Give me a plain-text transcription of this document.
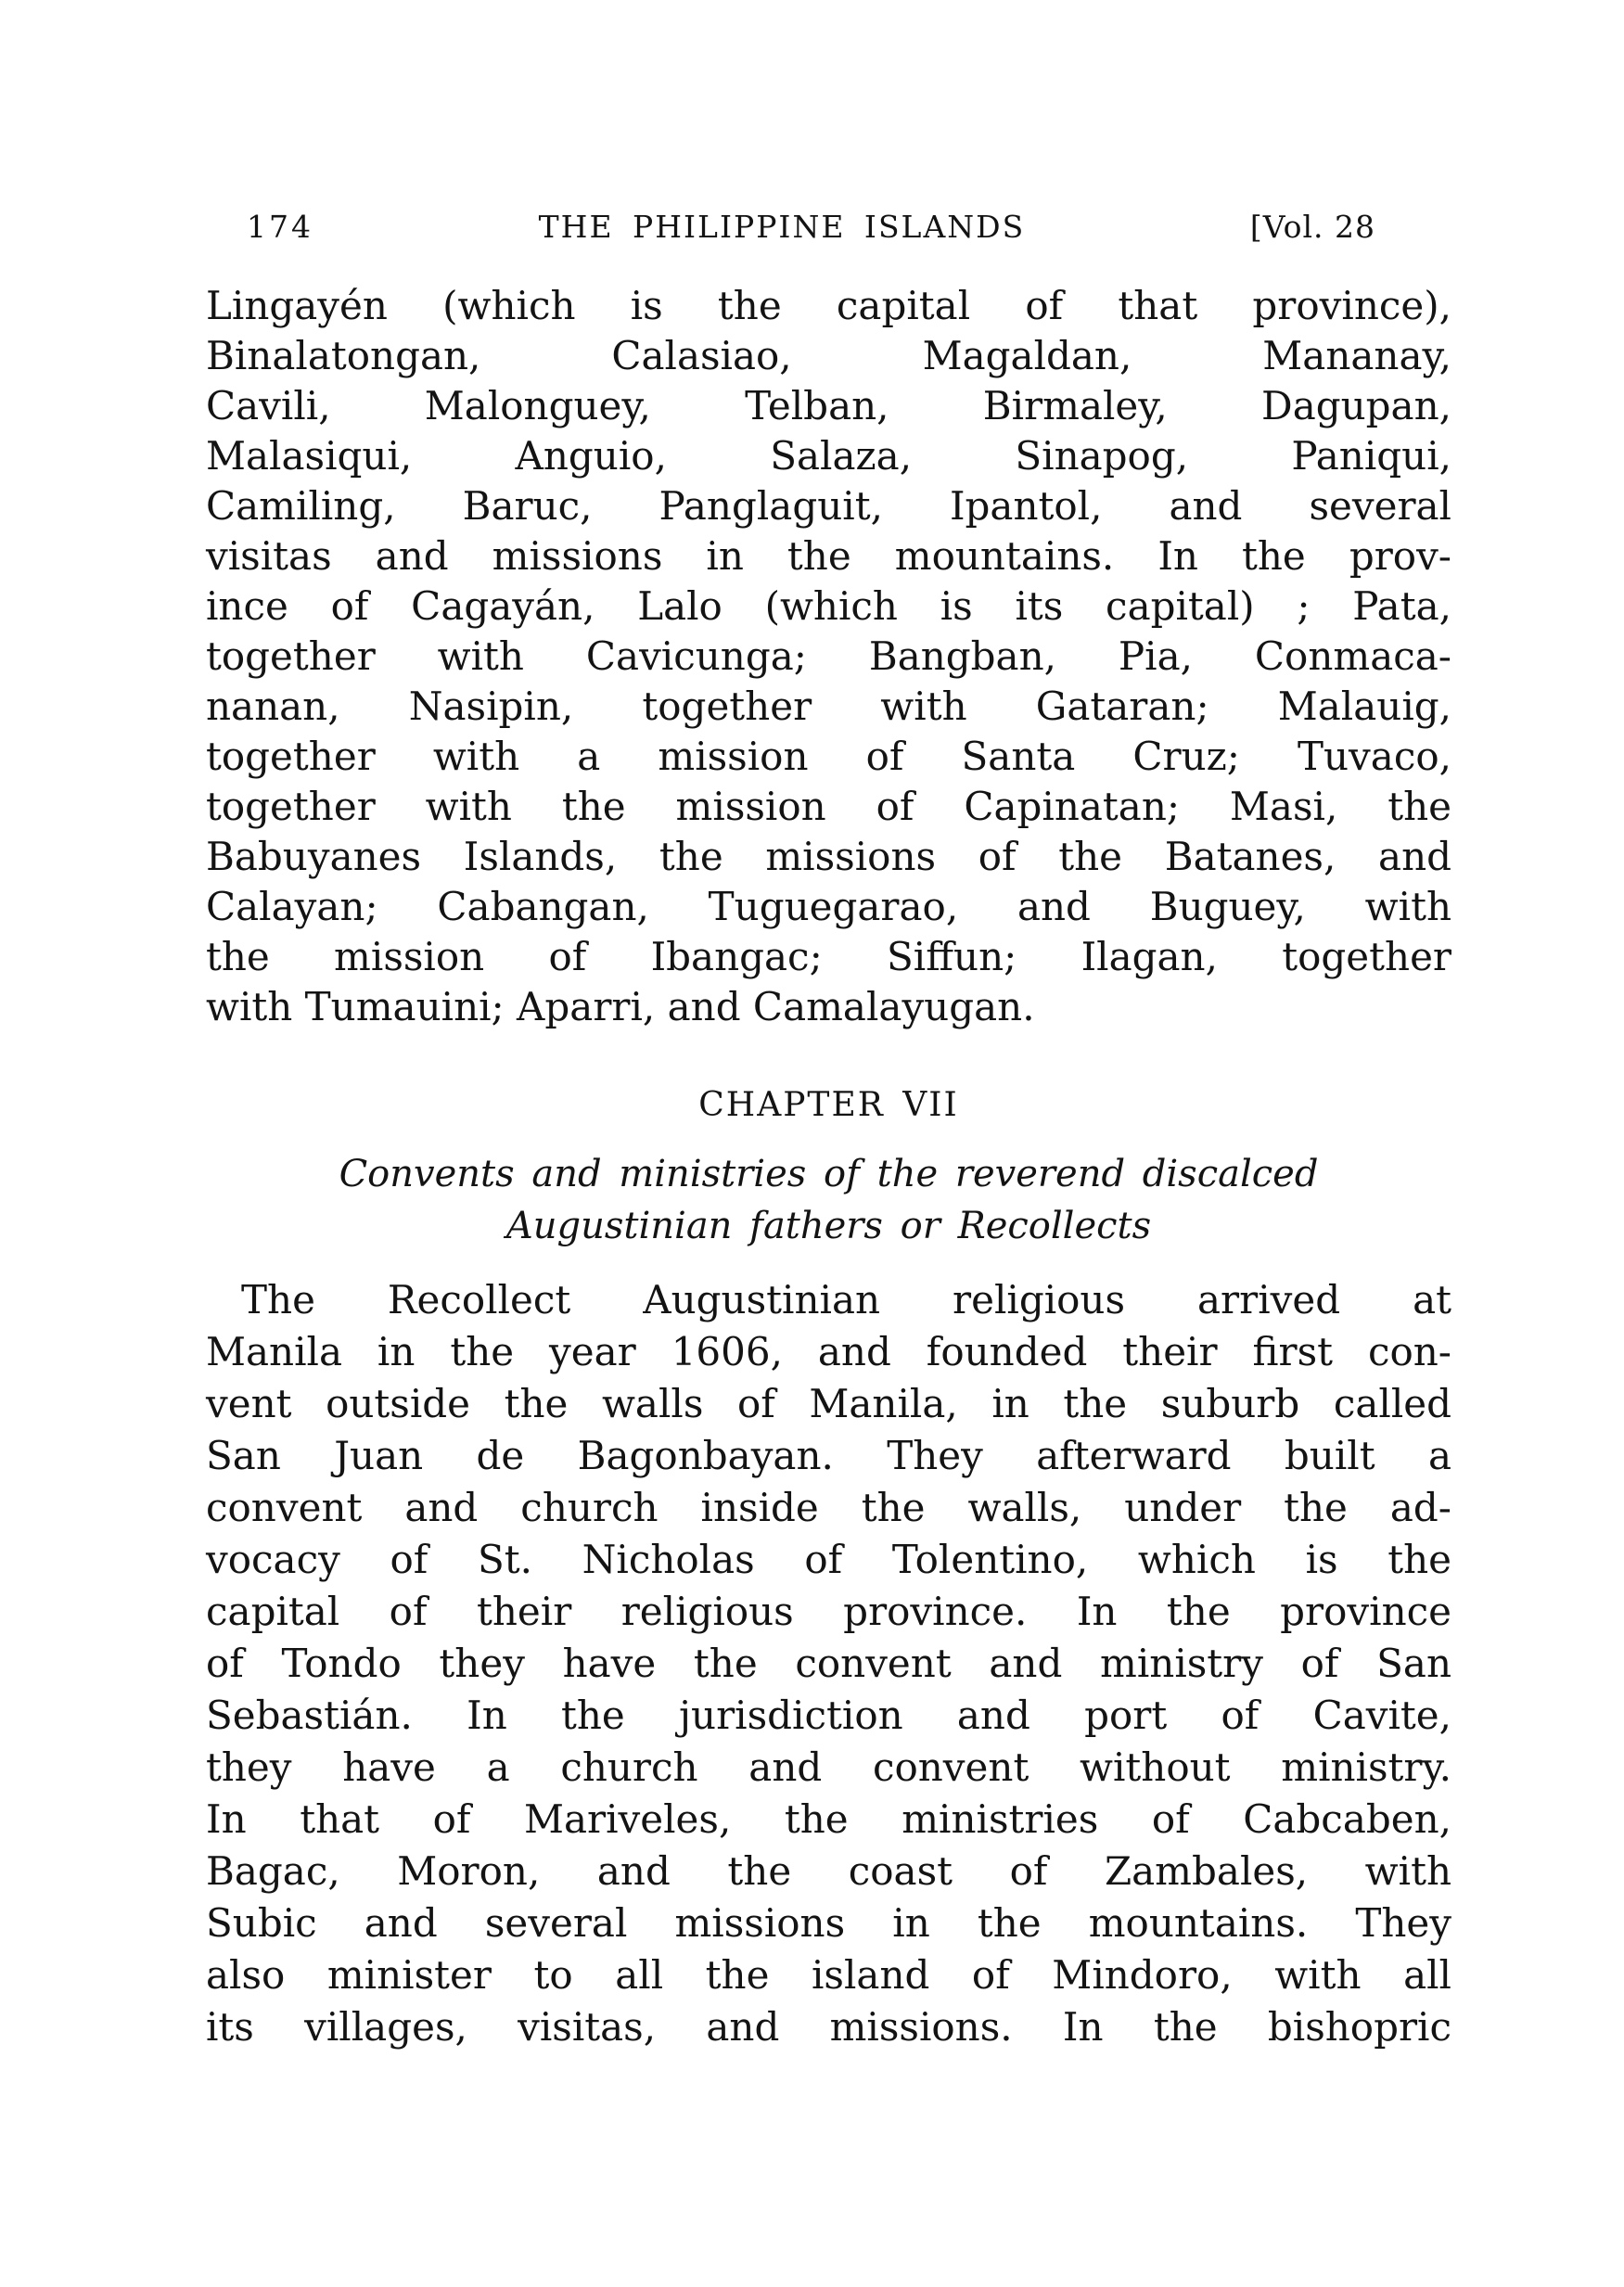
174	THE PHILIPPINE ISLANDS	[Vol. 28
Lingayén (which is the capital of that province),
Binalatongan, Calasiao, Magaldan, Mananay,
Cavili, Malonguey, Telban, Birmaley, Dagupan,
Malasiqui, Anguio, Salaza, Sinapog, Paniqui,
Camiling, Baruc, Panglaguit, Ipantol, and several
visitas and missions in the mountains. In the prov-
ince of Cagayán, Lalo (which is its capital) ; Pata,
together with Cavicunga; Bangban, Pia, Conmaca-
nanan, Nasipin, together with Gataran; Malauig,
together with a mission of Santa Cruz; Tuvaco,
together with the mission of Capinatan; Masi, the
Babuyanes Islands, the missions of the Batanes, and
Calayan; Cabangan, Tuguegarao, and Buguey, with
the mission of Ibangac; Siffun; Ilagan, together
with Tumauini; Aparri, and Camalayugan.
CHAPTER VII
Convents and ministries of the reverend discalced
Augustinian fathers or Recollects
The Recollect Augustinian religious arrived at
Manila in the year 1606, and founded their first con-
vent outside the walls of Manila, in the suburb called
San Juan de Bagonbayan. They afterward built a
convent and church inside the walls, under the ad-
vocacy of St. Nicholas of Tolentino, which is the
capital of their religious province. In the province
of Tondo they have the convent and ministry of San
Sebastián. In the jurisdiction and port of Cavite,
they have a church and convent without ministry.
In that of Mariveles, the ministries of Cabcaben,
Bagac, Moron, and the coast of Zambales, with
Subic and several missions in the mountains. They
also minister to all the island of Mindoro, with all
its villages, visitas, and missions. In the bishopric
